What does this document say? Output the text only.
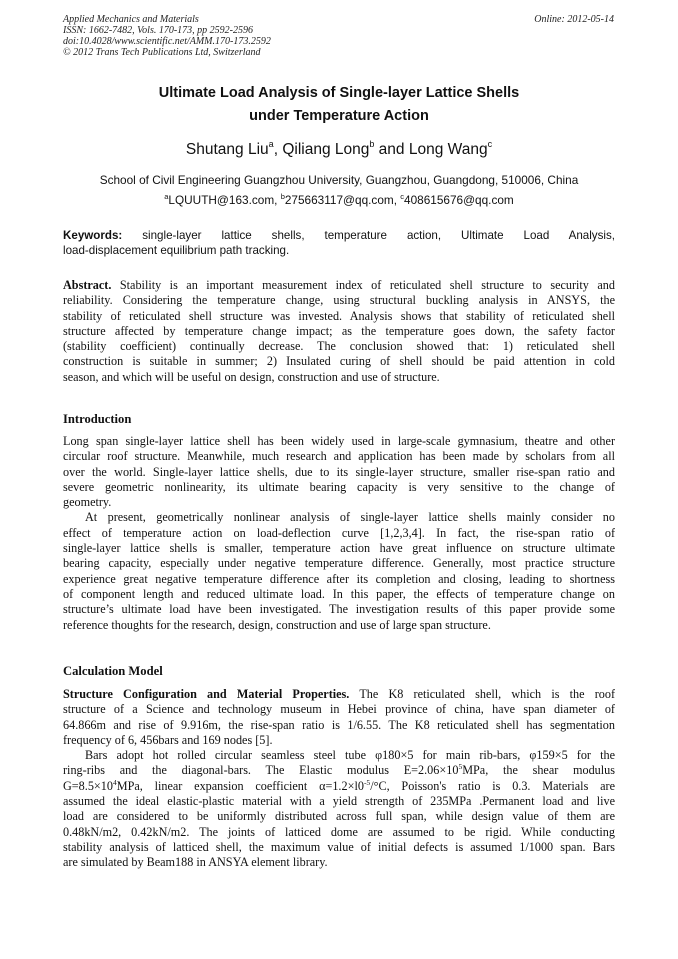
Applied Mechanics and Materials
ISSN: 1662-7482, Vols. 170-173, pp 2592-2596
doi:10.4028/www.scientific.net/AMM.170-173.2592
© 2012 Trans Tech Publications Ltd, Switzerland
Online: 2012-05-14
Ultimate Load Analysis of Single-layer Lattice Shells
under Temperature Action
Shutang Liu$^a$, Qiliang Long$^b$ and Long Wang$^c$
School of Civil Engineering Guangzhou University, Guangzhou, Guangdong, 510006, China
$^a$LQUUTH@163.com, $^b$275663117@qq.com, $^c$408615676@qq.com
Keywords: single-layer lattice shells, temperature action, Ultimate Load Analysis,
load-displacement equilibrium path tracking.
Abstract. Stability is an important measurement index of reticulated shell structure to security and
reliability. Considering the temperature change, using structural buckling analysis in ANSYS, the
stability of reticulated shell structure was invested. Analysis shows that stability of reticulated shell
structure affected by temperature change impact; as the temperature goes down, the safety factor
(stability coefficient) continually decrease. The conclusion showed that: 1) reticulated shell
construction is suitable in summer; 2) Insulated curing of shell should be paid attention in cold
season, and which will be useful on design, construction and use of structure.
Introduction
Long span single-layer lattice shell has been widely used in large-scale gymnasium, theatre and other
circular roof structure. Meanwhile, much research and application has been made by scholars from all
over the world. Single-layer lattice shells, due to its single-layer structure, smaller rise-span ratio and
severe geometric nonlinearity, its ultimate bearing capacity is very sensitive to the change of
geometry.
At present, geometrically nonlinear analysis of single-layer lattice shells mainly consider no
effect of temperature action on load-deflection curve [1,2,3,4]. In fact, the rise-span ratio of
single-layer lattice shells is smaller, temperature action have great influence on structure ultimate
bearing capacity, especially under negative temperature difference. Generally, most practice structure
experience great negative temperature difference after its completion and closing, leading to shortness
of component length and reduced ultimate load. In this paper, the effects of temperature change on
structure’s ultimate load have been investigated. The investigation results of this paper provide some
reference thoughts for the research, design, construction and use of large span structure.
Calculation Model
Structure Configuration and Material Properties. The K8 reticulated shell, which is the roof
structure of a Science and technology museum in Hebei province of china, have span diameter of
64.866m and rise of 9.916m, the rise-span ratio is 1/6.55. The K8 reticulated shell has segmentation
frequency of 6, 456bars and 169 nodes [5].
Bars adopt hot rolled circular seamless steel tube φ180×5 for main rib-bars, φ159×5 for the
ring-ribs and the diagonal-bars. The Elastic modulus $E=2.06\times 10^5MPa$, the shear modulus
$G=8.5\times 10^4MPa$, linear expansion coefficient $\alpha=1.2\times l0^{-5}/^\circ C$, Poisson's ratio is 0.3. Materials are
assumed the ideal elastic-plastic material with a yield strength of 235MPa .Permanent load and live
load are considered to be uniformly distributed across full span, while design value of them are
0.48kN/m2, 0.42kN/m2. The joints of latticed dome are assumed to be rigid. While conducting
stability analysis of latticed shell, the maximum value of initial defects is assumed 1/1000 span. Bars
are simulated by Beam188 in ANSYA element library.
